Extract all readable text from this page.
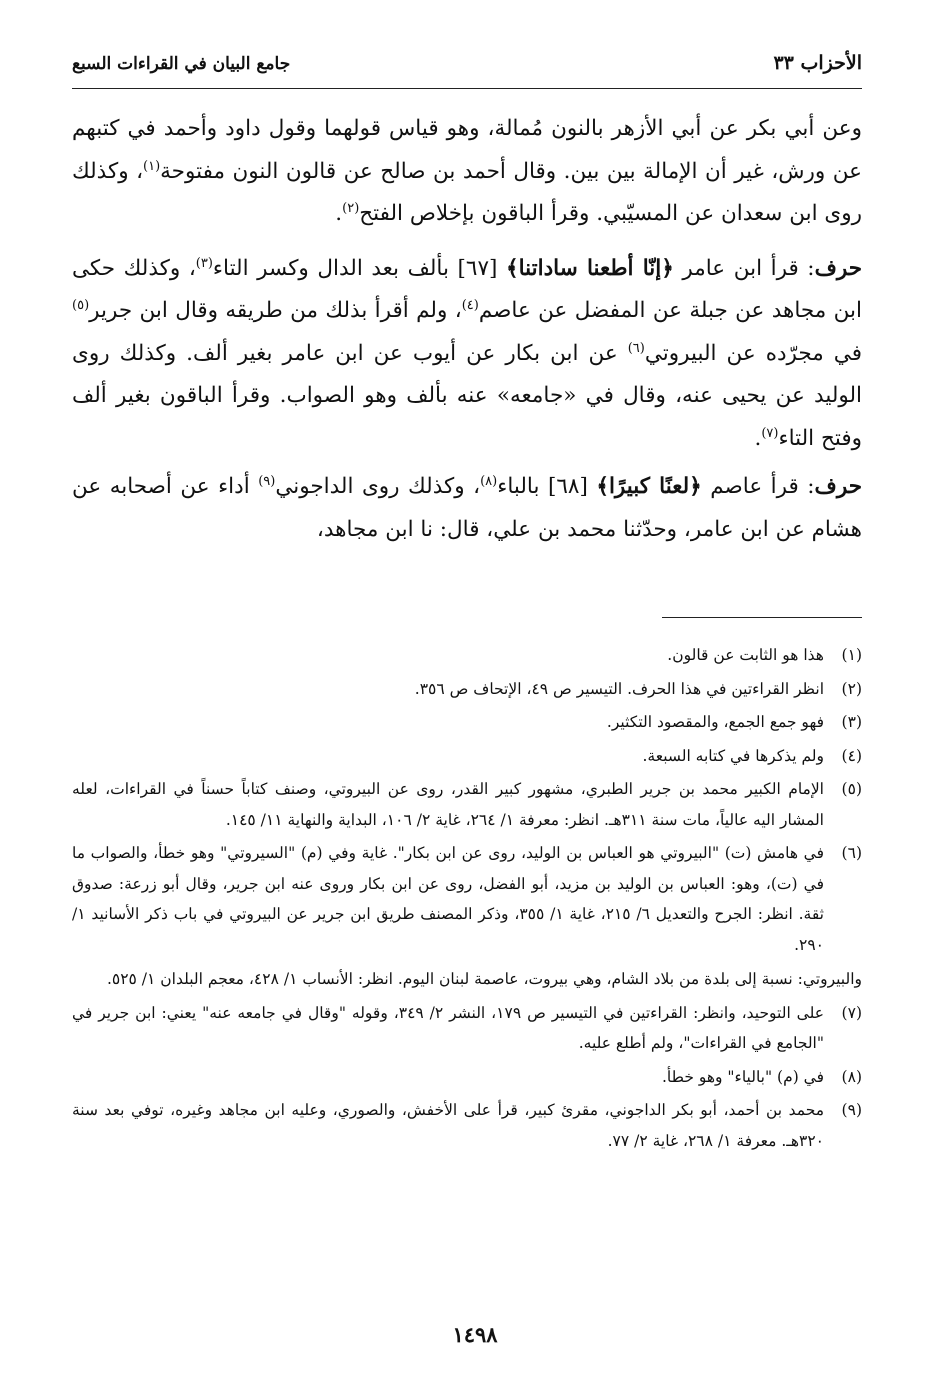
الأحزاب ٣٣
جامع البيان في القراءات السبع

وعن أبي بكر عن أبي الأزهر بالنون مُمالة، وهو قياس قولهما وقول داود وأحمد في كتبهم عن ورش، غير أن الإمالة بين بين. وقال أحمد بن صالح عن قالون النون مفتوحة$^{(١)}$، وكذلك روى ابن سعدان عن المسيّبي. وقرأ الباقون بإخلاص الفتح$^{(٢)}$.

حرف: قرأ ابن عامر ﴿إنّا أطعنا ساداتنا﴾ [٦٧] بألف بعد الدال وكسر التاء$^{(٣)}$، وكذلك حكى ابن مجاهد عن جبلة عن المفضل عن عاصم$^{(٤)}$، ولم أقرأ بذلك من طريقه وقال ابن جرير$^{(٥)}$ في مجرّده عن البيروتي$^{(٦)}$ عن ابن بكار عن أيوب عن ابن عامر بغير ألف. وكذلك روى الوليد عن يحيى عنه، وقال في «جامعه» عنه بألف وهو الصواب. وقرأ الباقون بغير ألف وفتح التاء$^{(٧)}$.

حرف: قرأ عاصم ﴿لعنًا كبيرًا﴾ [٦٨] بالباء$^{(٨)}$، وكذلك روى الداجوني$^{(٩)}$ أداء عن أصحابه عن هشام عن ابن عامر، وحدّثنا محمد بن علي، قال: نا ابن مجاهد،

(١)
هذا هو الثابت عن قالون.
(٢)
انظر القراءتين في هذا الحرف. التيسير ص ٤٩، الإتحاف ص ٣٥٦.
(٣)
فهو جمع الجمع، والمقصود التكثير.
(٤)
ولم يذكرها في كتابه السبعة.
(٥)
الإمام الكبير محمد بن جرير الطبري، مشهور كبير القدر، روى عن البيروتي، وصنف كتاباً حسناً في القراءات، لعله المشار اليه عالياً، مات سنة ٣١١هـ. انظر: معرفة ١/ ٢٦٤، غاية ٢/ ١٠٦، البداية والنهاية ١١/ ١٤٥.
(٦)
في هامش (ت) "البيروتي هو العباس بن الوليد، روى عن ابن بكار". غاية وفي (م) "السيروتي" وهو خطأ، والصواب ما في (ت)، وهو: العباس بن الوليد بن مزيد، أبو الفضل، روى عن ابن بكار وروى عنه ابن جرير، وقال أبو زرعة: صدوق ثقة. انظر: الجرح والتعديل ٦/ ٢١٥، غاية ١/ ٣٥٥، وذكر المصنف طريق ابن جرير عن البيروتي في باب ذكر الأسانيد ١/ ٢٩٠.
والبيروتي: نسبة إلى بلدة من بلاد الشام، وهي بيروت، عاصمة لبنان اليوم. انظر: الأنساب ١/ ٤٢٨، معجم البلدان ١/ ٥٢٥.
(٧)
على التوحيد، وانظر: القراءتين في التيسير ص ١٧٩، النشر ٢/ ٣٤٩، وقوله "وقال في جامعه عنه" يعني: ابن جرير في "الجامع في القراءات"، ولم أطلع عليه.
(٨)
في (م) "بالياء" وهو خطأ.
(٩)
محمد بن أحمد، أبو بكر الداجوني، مقرئ كبير، قرأ على الأخفش، والصوري، وعليه ابن مجاهد وغيره، توفي بعد سنة ٣٢٠هـ. معرفة ١/ ٢٦٨، غاية ٢/ ٧٧.
١٤٩٨
